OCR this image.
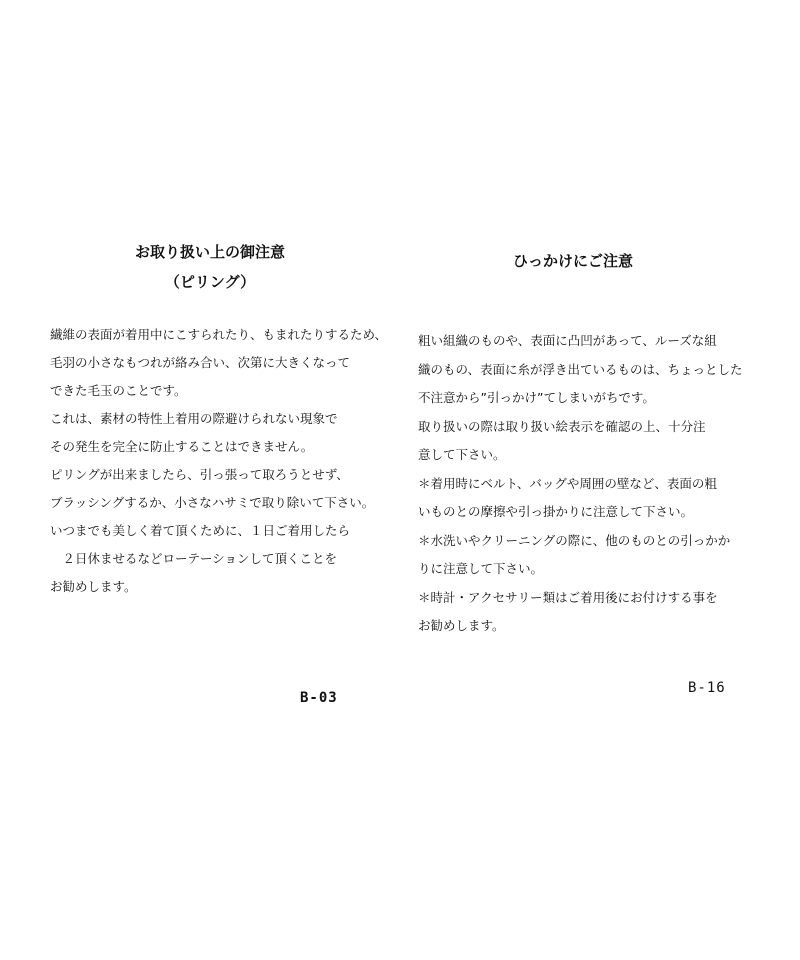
お取り扱い上の御注意
（ピリング）
繊維の表面が着用中にこすられたり、もまれたりするため、
毛羽の小さなもつれが絡み合い、次第に大きくなって
できた毛玉のことです。
これは、素材の特性上着用の際避けられない現象で
その発生を完全に防止することはできません。
ピリングが出来ましたら、引っ張って取ろうとせず、
ブラッシングするか、小さなハサミで取り除いて下さい。
いつまでも美しく着て頂くために、１日ご着用したら
　２日休ませるなどローテーションして頂くことを
お勧めします。
ひっかけにご注意
粗い組織のものや、表面に凸凹があって、ルーズな組
織のもの、表面に糸が浮き出ているものは、ちょっとした
不注意から”引っかけ”てしまいがちです。
取り扱いの際は取り扱い絵表示を確認の上、十分注
意して下さい。
＊着用時にベルト、バッグや周囲の壁など、表面の粗
いものとの摩擦や引っ掛かりに注意して下さい。
＊水洗いやクリーニングの際に、他のものとの引っかか
りに注意して下さい。
＊時計・アクセサリー類はご着用後にお付けする事を
お勧めします。
B-03
B-16
